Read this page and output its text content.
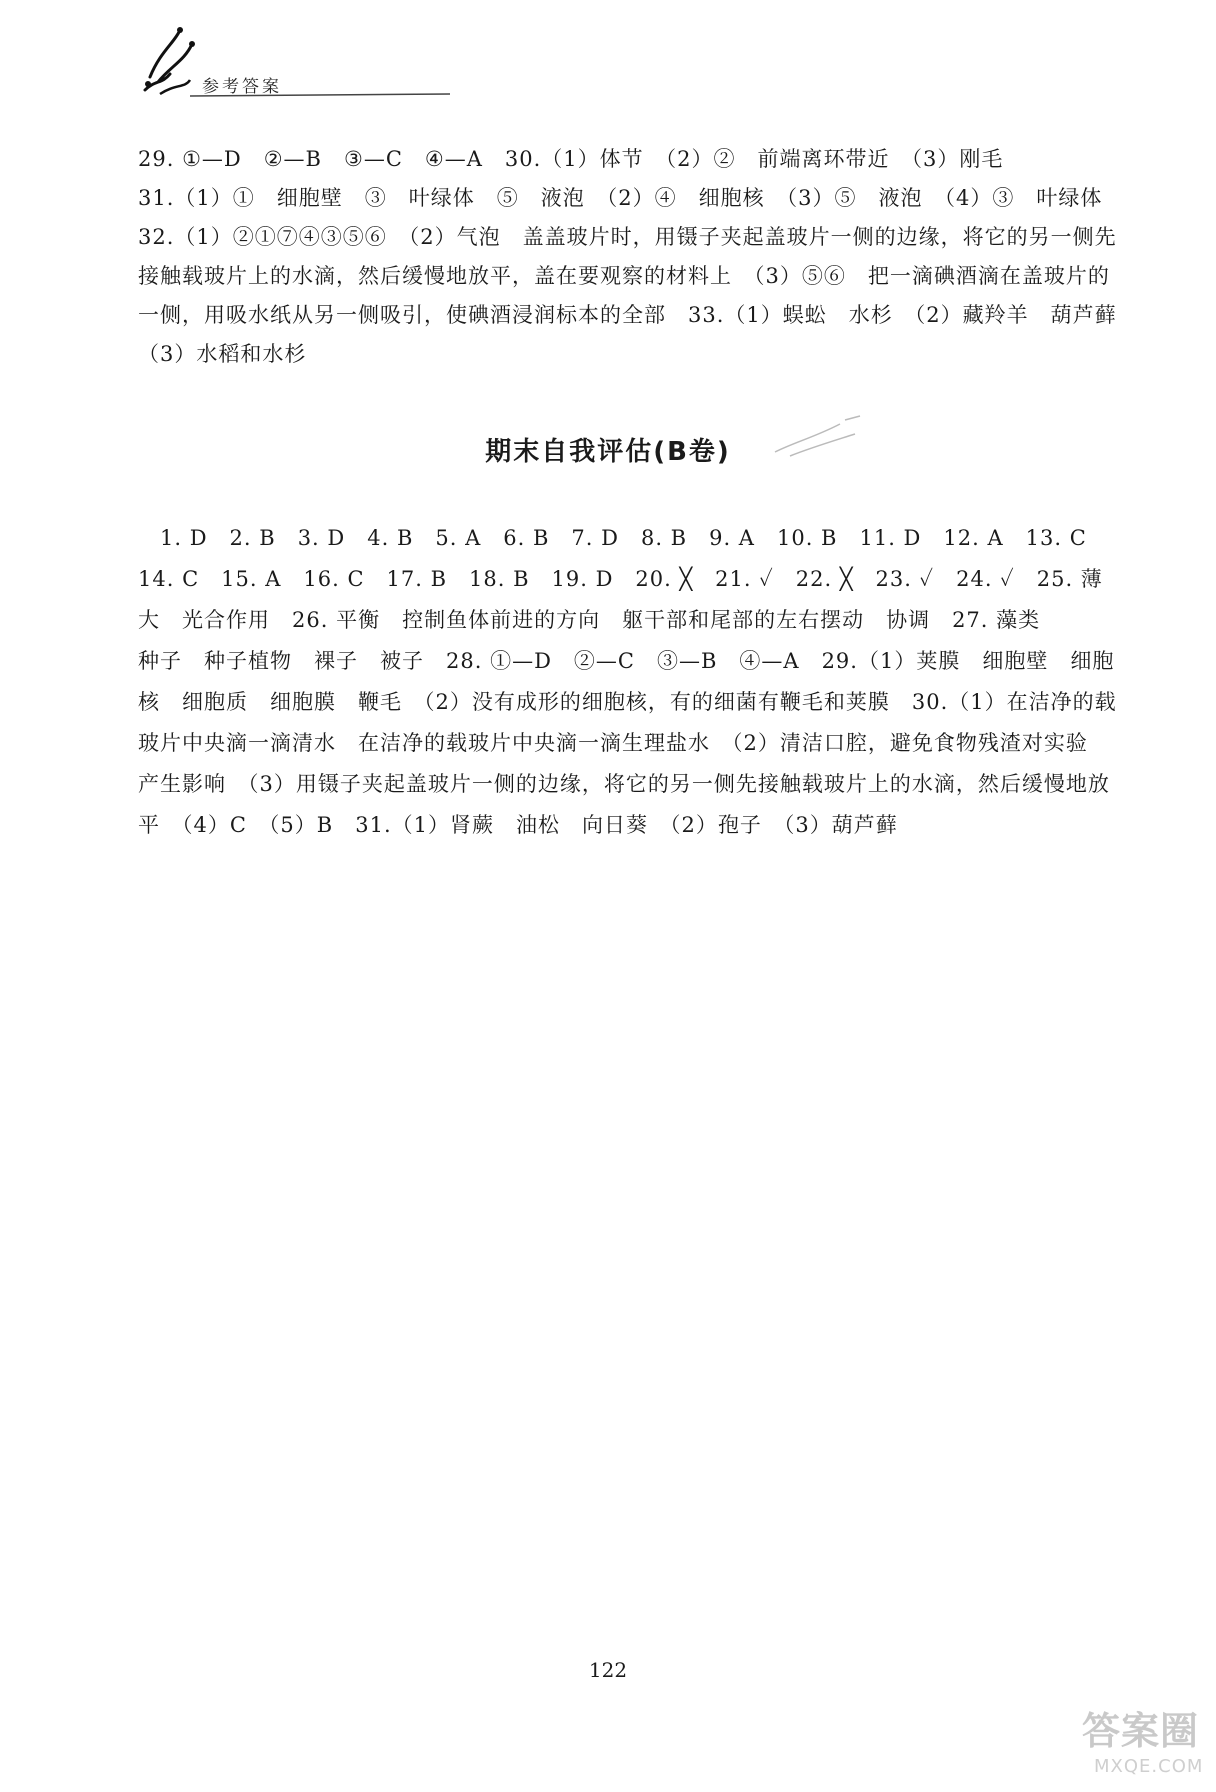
参考答案

29. ①—D　②—B　③—C　④—A　30.（1）体节　（2）②　前端离环带近　（3）刚毛

31.（1）①　细胞壁　③　叶绿体　⑤　液泡　（2）④　细胞核　（3）⑤　液泡　（4）③　叶绿体

32.（1）②①⑦④③⑤⑥　（2）气泡　盖盖玻片时，用镊子夹起盖玻片一侧的边缘，将它的另一侧先

接触载玻片上的水滴，然后缓慢地放平，盖在要观察的材料上　（3）⑤⑥　把一滴碘酒滴在盖玻片的

一侧，用吸水纸从另一侧吸引，使碘酒浸润标本的全部　33.（1）蜈蚣　水杉　（2）藏羚羊　葫芦藓

（3）水稻和水杉

期末自我评估(B卷)

　1. D　2. B　3. D　4. B　5. A　6. B　7. D　8. B　9. A　10. B　11. D　12. A　13. C

14. C　15. A　16. C　17. B　18. B　19. D　20. ╳　21. ✓　22. ╳　23. ✓　24. ✓　25. 薄

大　光合作用　26. 平衡　控制鱼体前进的方向　躯干部和尾部的左右摆动　协调　27. 藻类

种子　种子植物　裸子　被子　28. ①—D　②—C　③—B　④—A　29.（1）荚膜　细胞壁　细胞

核　细胞质　细胞膜　鞭毛　（2）没有成形的细胞核，有的细菌有鞭毛和荚膜　30.（1）在洁净的载

玻片中央滴一滴清水　在洁净的载玻片中央滴一滴生理盐水　（2）清洁口腔，避免食物残渣对实验

产生影响　（3）用镊子夹起盖玻片一侧的边缘，将它的另一侧先接触载玻片上的水滴，然后缓慢地放

平　（4）C　（5）B　31.（1）肾蕨　油松　向日葵　（2）孢子　（3）葫芦藓

122
答案圈
MXQE.COM
